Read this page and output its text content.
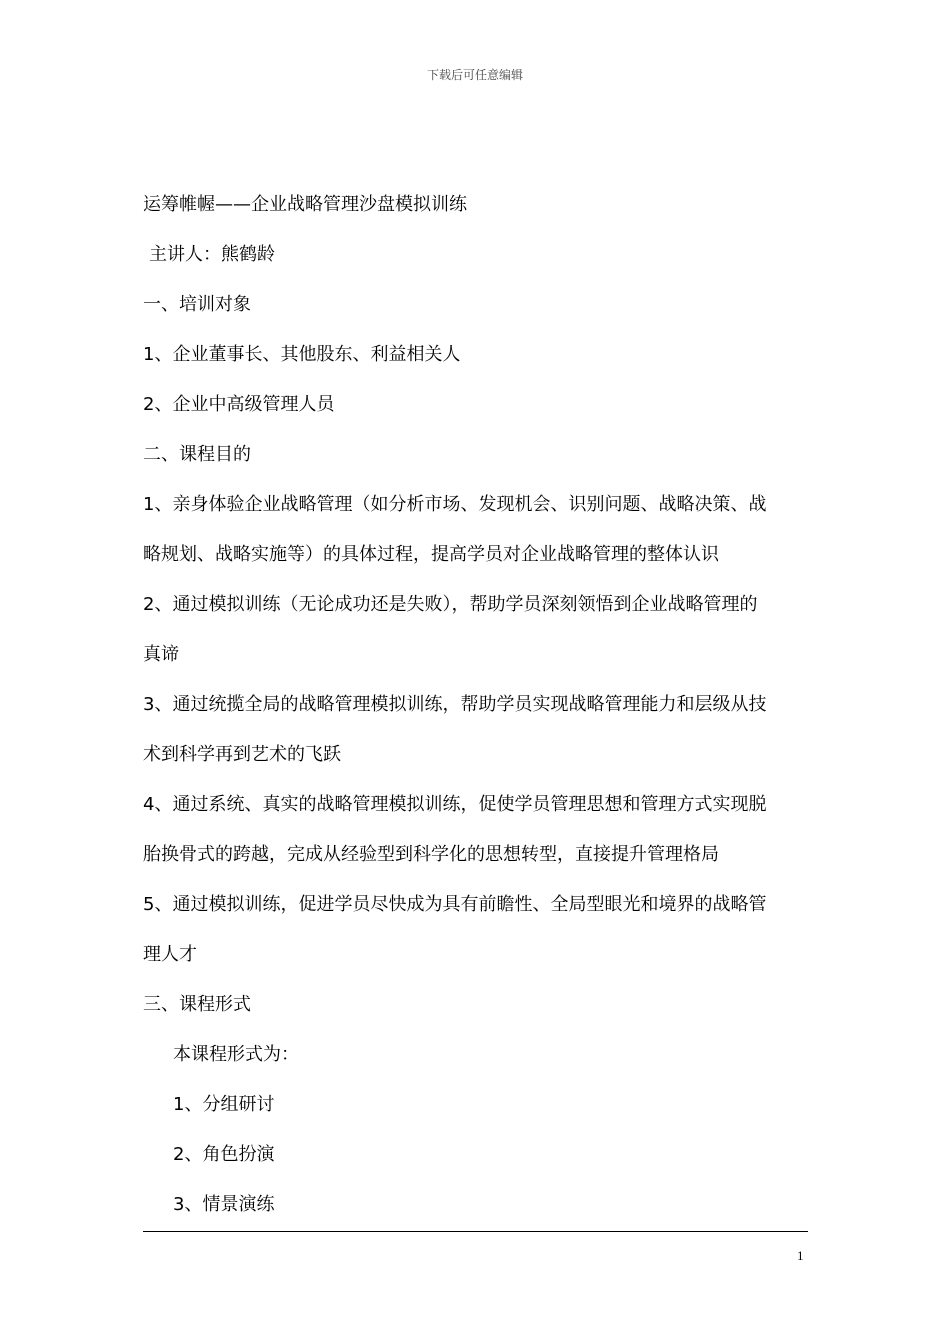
下载后可任意编辑
运筹帷幄——企业战略管理沙盘模拟训练
主讲人：熊鹤龄
一、培训对象
1、企业董事长、其他股东、利益相关人
2、企业中高级管理人员
二、课程目的
1、亲身体验企业战略管理（如分析市场、发现机会、识别问题、战略决策、战
略规划、战略实施等）的具体过程，提高学员对企业战略管理的整体认识
2、通过模拟训练（无论成功还是失败），帮助学员深刻领悟到企业战略管理的
真谛
3、通过统揽全局的战略管理模拟训练，帮助学员实现战略管理能力和层级从技
术到科学再到艺术的飞跃
4、通过系统、真实的战略管理模拟训练，促使学员管理思想和管理方式实现脱
胎换骨式的跨越，完成从经验型到科学化的思想转型，直接提升管理格局
5、通过模拟训练，促进学员尽快成为具有前瞻性、全局型眼光和境界的战略管
理人才
三、课程形式
本课程形式为：
1、分组研讨
2、角色扮演
3、情景演练
1
